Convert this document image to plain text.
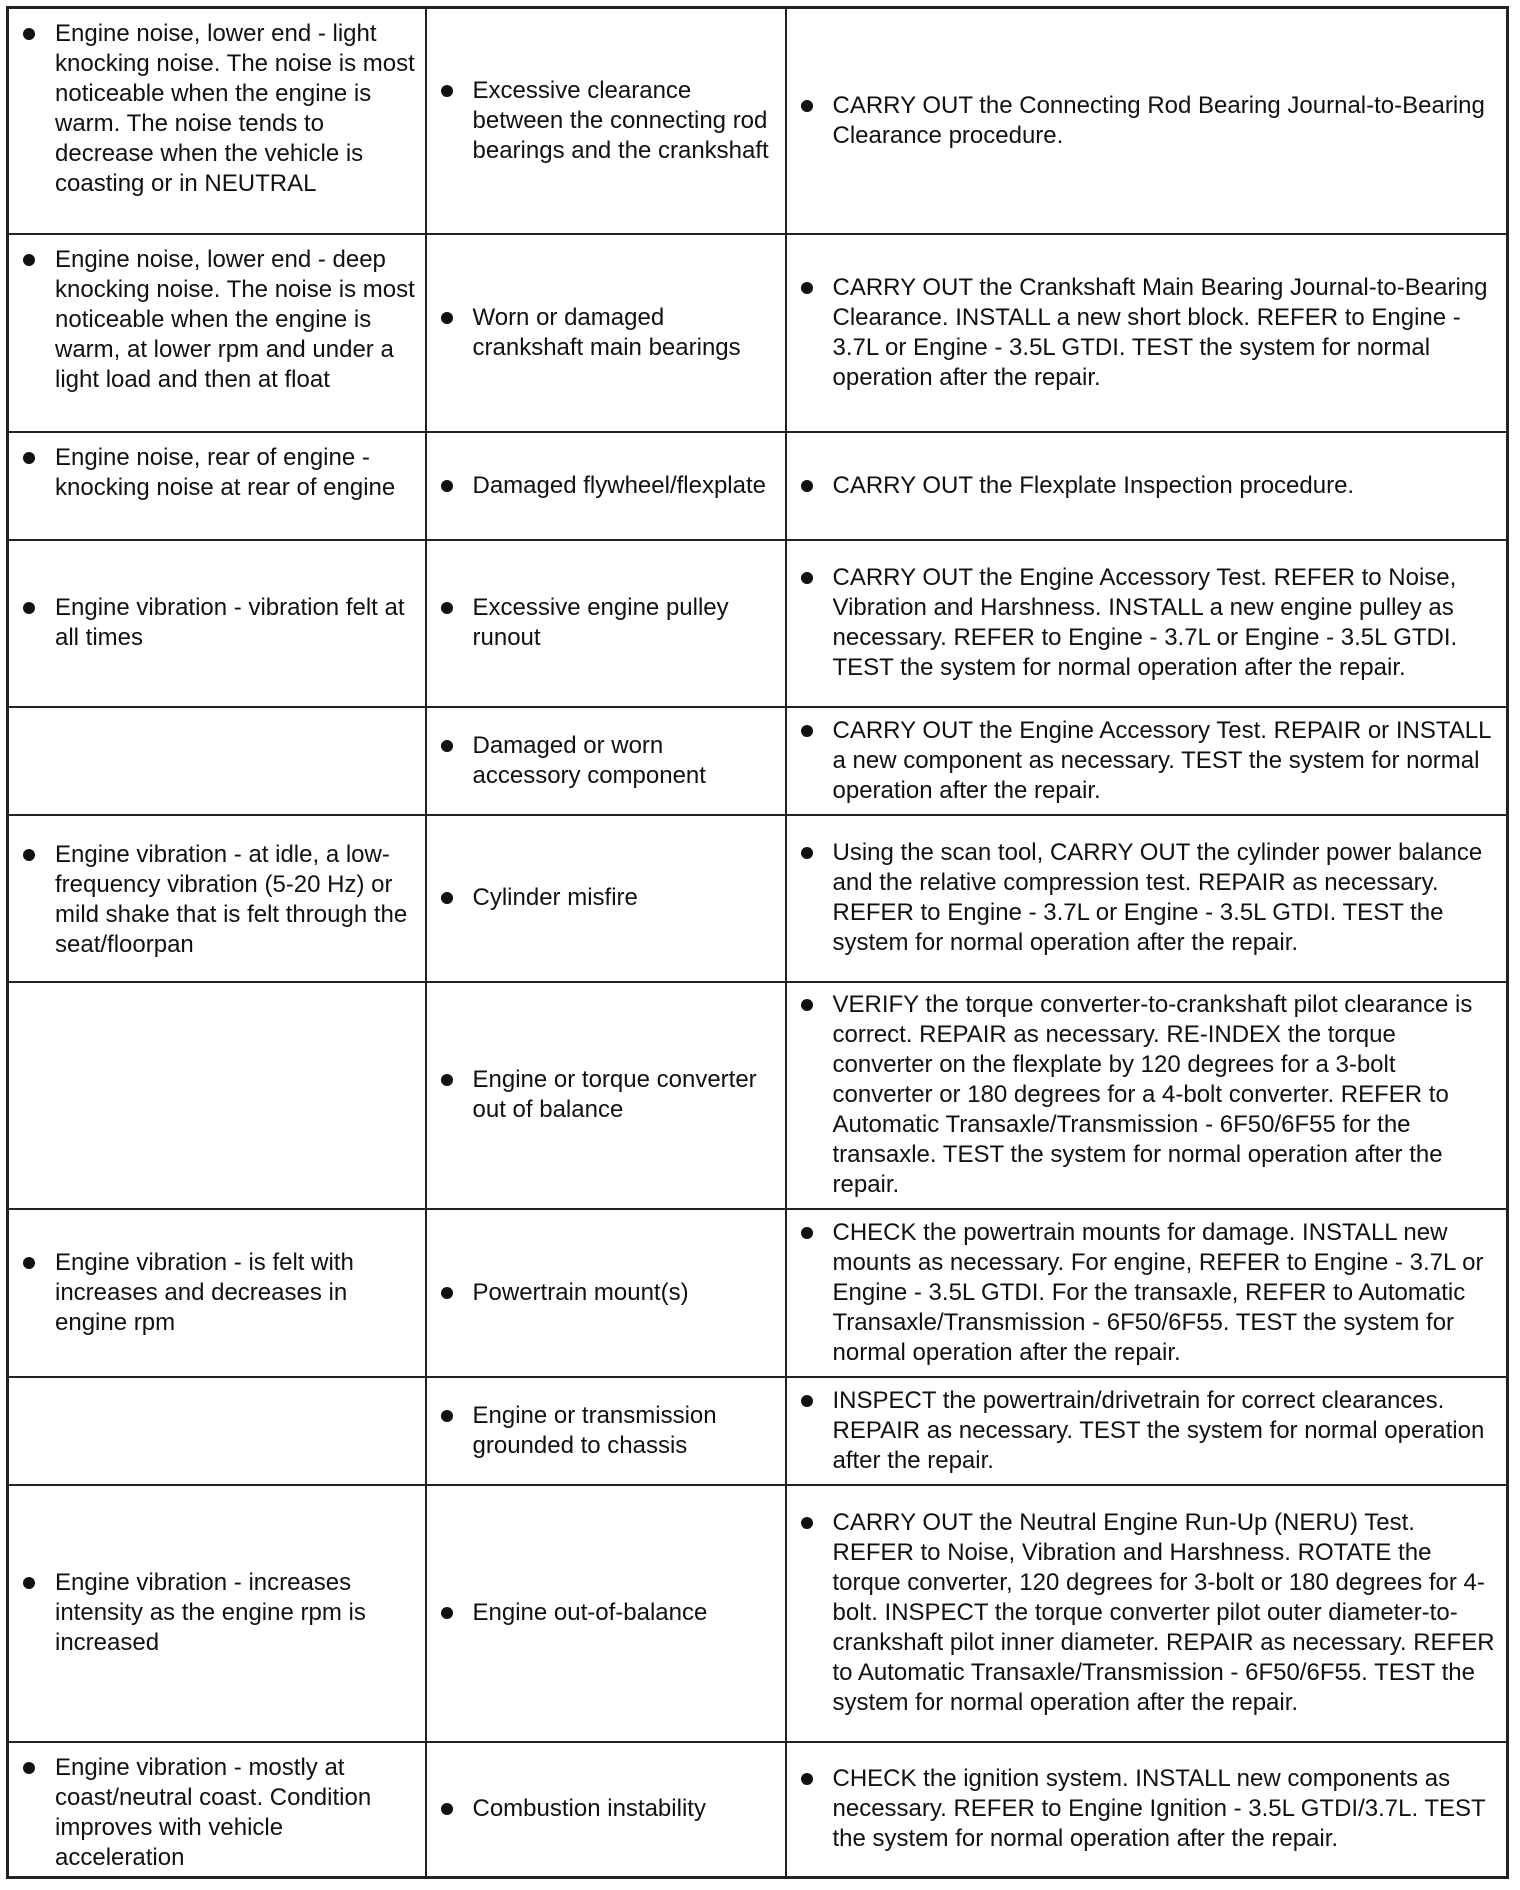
Engine noise, lower end - light knocking noise. The noise is most noticeable when the engine is warm. The noise tends to decrease when the vehicle is coasting or in NEUTRAL	Excessive clearance between the connecting rod bearings and the crankshaft	CARRY OUT the Connecting Rod Bearing Journal-to-Bearing Clearance procedure.

Engine noise, lower end - deep knocking noise. The noise is most noticeable when the engine is warm, at lower rpm and under a light load and then at float	Worn or damaged crankshaft main bearings	CARRY OUT the Crankshaft Main Bearing Journal-to-Bearing Clearance. INSTALL a new short block. REFER to Engine - 3.7L or Engine - 3.5L GTDI. TEST the system for normal operation after the repair.

Engine noise, rear of engine - knocking noise at rear of engine	Damaged flywheel/flexplate	CARRY OUT the Flexplate Inspection procedure.

Engine vibration - vibration felt at all times	Excessive engine pulley runout	CARRY OUT the Engine Accessory Test. REFER to Noise, Vibration and Harshness. INSTALL a new engine pulley as necessary. REFER to Engine - 3.7L or Engine - 3.5L GTDI. TEST the system for normal operation after the repair.

	Damaged or worn accessory component	CARRY OUT the Engine Accessory Test. REPAIR or INSTALL a new component as necessary. TEST the system for normal operation after the repair.

Engine vibration - at idle, a low-frequency vibration (5-20 Hz) or mild shake that is felt through the seat/floorpan	Cylinder misfire	Using the scan tool, CARRY OUT the cylinder power balance and the relative compression test. REPAIR as necessary. REFER to Engine - 3.7L or Engine - 3.5L GTDI. TEST the system for normal operation after the repair.

	Engine or torque converter out of balance	VERIFY the torque converter-to-crankshaft pilot clearance is correct. REPAIR as necessary. RE-INDEX the torque converter on the flexplate by 120 degrees for a 3-bolt converter or 180 degrees for a 4-bolt converter. REFER to Automatic Transaxle/Transmission - 6F50/6F55 for the transaxle. TEST the system for normal operation after the repair.

Engine vibration - is felt with increases and decreases in engine rpm	Powertrain mount(s)	CHECK the powertrain mounts for damage. INSTALL new mounts as necessary. For engine, REFER to Engine - 3.7L or Engine - 3.5L GTDI. For the transaxle, REFER to Automatic Transaxle/Transmission - 6F50/6F55. TEST the system for normal operation after the repair.

	Engine or transmission grounded to chassis	INSPECT the powertrain/drivetrain for correct clearances. REPAIR as necessary. TEST the system for normal operation after the repair.

Engine vibration - increases intensity as the engine rpm is increased	Engine out-of-balance	CARRY OUT the Neutral Engine Run-Up (NERU) Test. REFER to Noise, Vibration and Harshness. ROTATE the torque converter, 120 degrees for 3-bolt or 180 degrees for 4-bolt. INSPECT the torque converter pilot outer diameter-to-crankshaft pilot inner diameter. REPAIR as necessary. REFER to Automatic Transaxle/Transmission - 6F50/6F55. TEST the system for normal operation after the repair.

Engine vibration - mostly at coast/neutral coast. Condition improves with vehicle acceleration	Combustion instability	CHECK the ignition system. INSTALL new components as necessary. REFER to Engine Ignition - 3.5L GTDI/3.7L. TEST the system for normal operation after the repair.
